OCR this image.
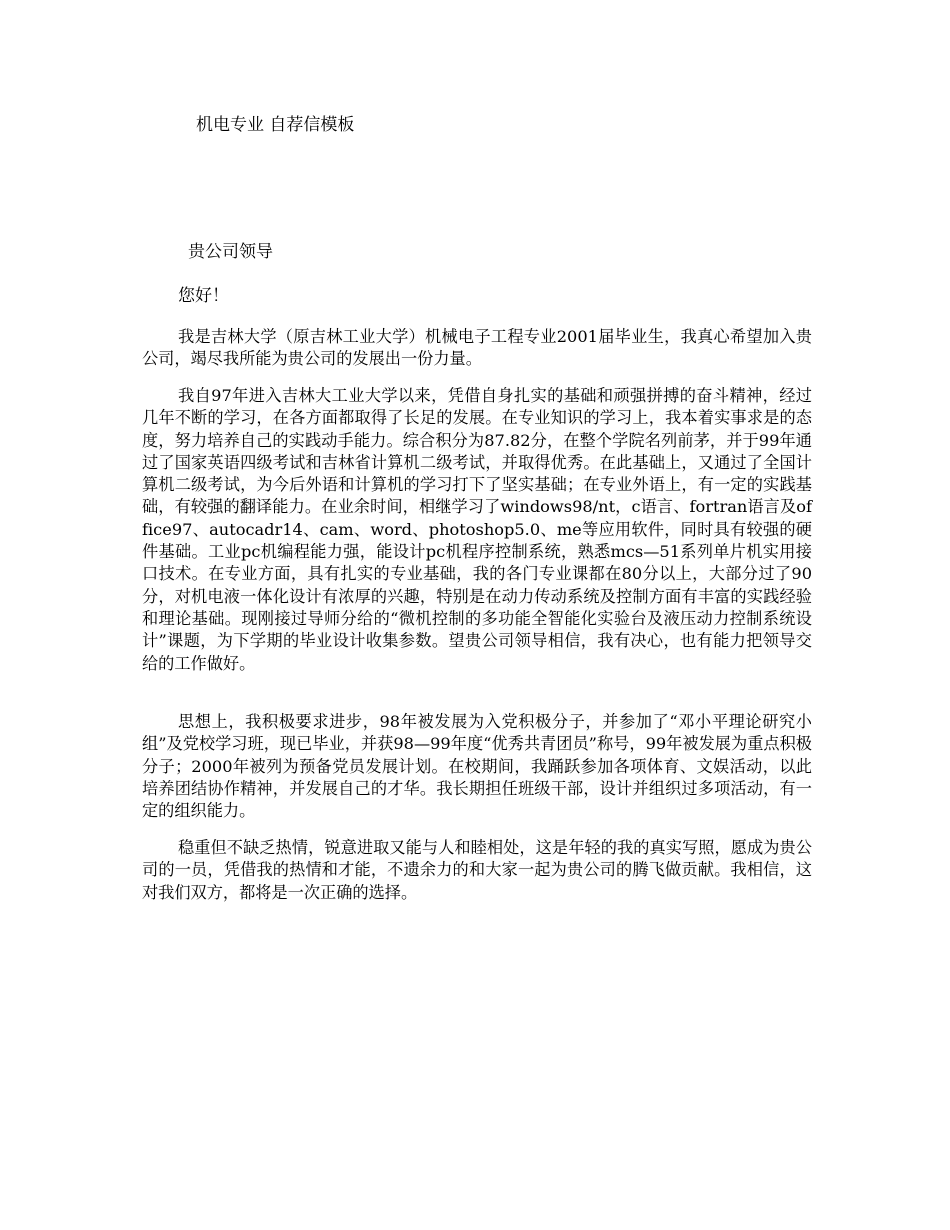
机电专业 自荐信模板
贵公司领导
您好！

我是吉林大学（原吉林工业大学）机械电子工程专业2001届毕业生，我真心希望加入贵公司，竭尽我所能为贵公司的发展出一份力量。

我自97年进入吉林大工业大学以来，凭借自身扎实的基础和顽强拼搏的奋斗精神，经过几年不断的学习，在各方面都取得了长足的发展。在专业知识的学习上，我本着实事求是的态度，努力培养自己的实践动手能力。综合积分为87.82分，在整个学院名列前茅，并于99年通过了国家英语四级考试和吉林省计算机二级考试，并取得优秀。在此基础上，又通过了全国计算机二级考试，为今后外语和计算机的学习打下了坚实基础；在专业外语上，有一定的实践基础，有较强的翻译能力。在业余时间，相继学习了windows98/nt，c语言、fortran语言及office97、autocadr14、cam、word、photoshop5.0、me等应用软件，同时具有较强的硬件基础。工业pc机编程能力强，能设计pc机程序控制系统，熟悉mcs—51系列单片机实用接口技术。在专业方面，具有扎实的专业基础，我的各门专业课都在80分以上，大部分过了90分，对机电液一体化设计有浓厚的兴趣，特别是在动力传动系统及控制方面有丰富的实践经验和理论基础。现刚接过导师分给的“微机控制的多功能全智能化实验台及液压动力控制系统设计”课题，为下学期的毕业设计收集参数。望贵公司领导相信，我有决心，也有能力把领导交给的工作做好。

思想上，我积极要求进步，98年被发展为入党积极分子，并参加了“邓小平理论研究小组”及党校学习班，现已毕业，并获98—99年度“优秀共青团员”称号，99年被发展为重点积极分子；2000年被列为预备党员发展计划。在校期间，我踊跃参加各项体育、文娱活动，以此培养团结协作精神，并发展自己的才华。我长期担任班级干部，设计并组织过多项活动，有一定的组织能力。

稳重但不缺乏热情，锐意进取又能与人和睦相处，这是年轻的我的真实写照，愿成为贵公司的一员，凭借我的热情和才能，不遗余力的和大家一起为贵公司的腾飞做贡献。我相信，这对我们双方，都将是一次正确的选择。
